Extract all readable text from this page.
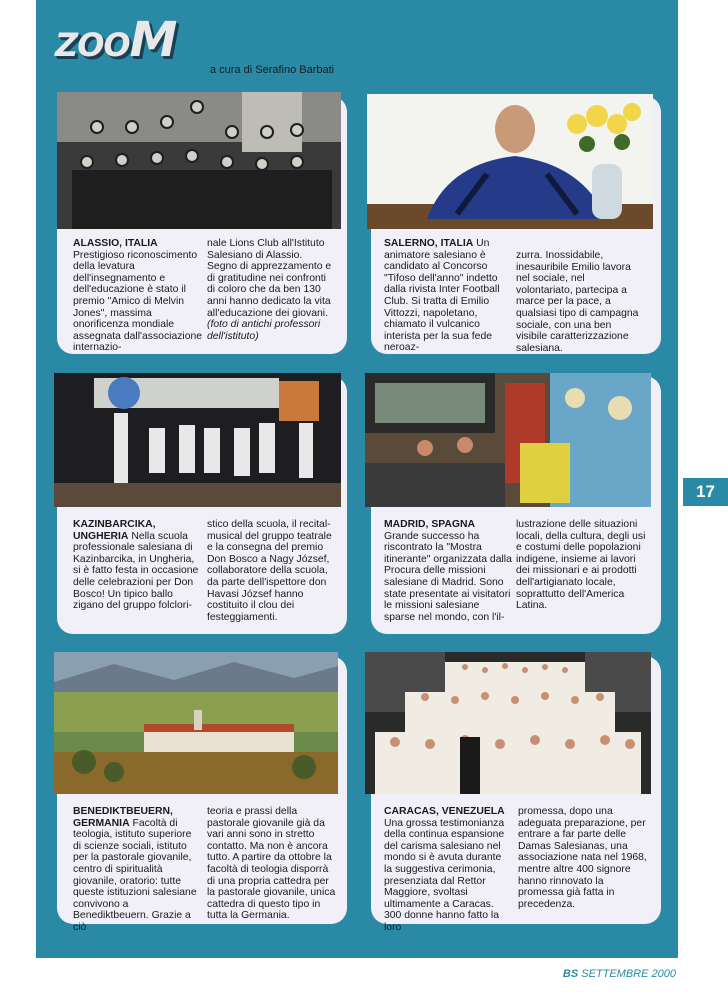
17
ZOOM
a cura di Serafino Barbati
ALASSIO, ITALIA Prestigioso riconoscimento della levatura dell'insegnamento e dell'educazione è stato il premio "Amico di Melvin Jones", massima onorificenza mondiale assegnata dall'associazione internazio-
nale Lions Club all'Istituto Salesiano di Alassio. Segno di apprezzamento e di gratitudine nei confronti di coloro che da ben 130 anni hanno dedicato la vita all'educazione dei giovani. (foto di antichi professori dell'istituto)
SALERNO, ITALIA Un animatore salesiano è candidato al Concorso "Tifoso dell'anno" indetto dalla rivista Inter Football Club. Si tratta di Emilio Vittozzi, napoletano, chiamato il vulcanico interista per la sua fede neroaz-
zurra. Inossidabile, inesauribile Emilio lavora nel sociale, nel volontariato, partecipa a marce per la pace, a qualsiasi tipo di campagna sociale, con una ben visibile caratterizzazione salesiana.
KAZINBARCIKA, UNGHERIA Nella scuola professionale salesiana di Kazinbarcika, in Ungheria, si è fatto festa in occasione delle celebrazioni per Don Bosco! Un tipico ballo zigano del gruppo folclori-
stico della scuola, il recital-musical del gruppo teatrale e la consegna del premio Don Bosco a Nagy József, collaboratore della scuola, da parte dell'ispettore don Havasi József hanno costituito il clou dei festeggiamenti.
MADRID, SPAGNA Grande successo ha riscontrato la "Mostra itinerante" organizzata dalla Procura delle missioni salesiane di Madrid. Sono state presentate ai visitatori le missioni salesiane sparse nel mondo, con l'il-
lustrazione delle situazioni locali, della cultura, degli usi e costumi delle popolazioni indigene, insieme ai lavori dei missionari e ai prodotti dell'artigianato locale, soprattutto dell'America Latina.
BENEDIKTBEUERN, GERMANIA Facoltà di teologia, istituto superiore di scienze sociali, istituto per la pastorale giovanile, centro di spiritualità giovanile, oratorio: tutte queste istituzioni salesiane convivono a Benediktbeuern. Grazie a ciò
teoria e prassi della pastorale giovanile già da vari anni sono in stretto contatto. Ma non è ancora tutto. A partire da ottobre la facoltà di teologia disporrà di una propria cattedra per la pastorale giovanile, unica cattedra di questo tipo in tutta la Germania.
CARACAS, VENEZUELA Una grossa testimonianza della continua espansione del carisma salesiano nel mondo si è avuta durante la suggestiva cerimonia, presenziata dal Rettor Maggiore, svoltasi ultimamente a Caracas. 300 donne hanno fatto la loro
promessa, dopo una adeguata preparazione, per entrare a far parte delle Damas Salesianas, una associazione nata nel 1968, mentre altre 400 signore hanno rinnovato la promessa già fatta in precedenza.
BS SETTEMBRE 2000
